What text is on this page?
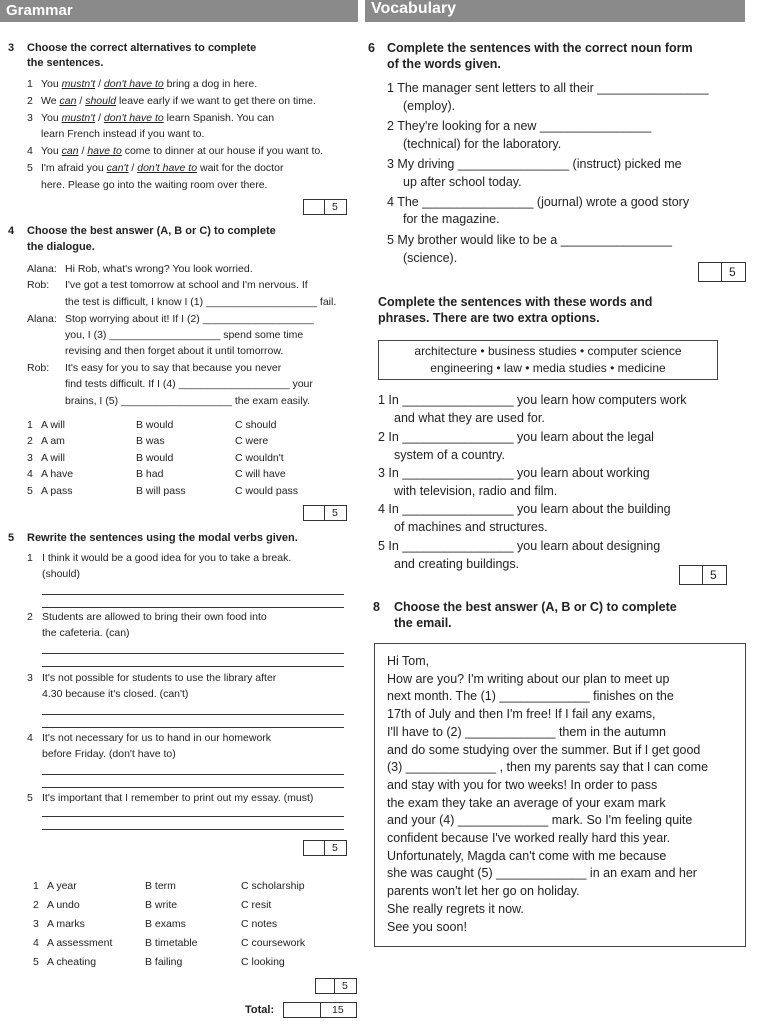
Grammar
3 Choose the correct alternatives to complete
the sentences.
1 You mustn't / don't have to bring a dog in here.
2 We can / should leave early if we want to get there on time.
3 You mustn't / don't have to learn Spanish. You can
learn French instead if you want to.
4 You can / have to come to dinner at our house if you want to.
5 I'm afraid you can't / don't have to wait for the doctor
here. Please go into the waiting room over there.
5
4 Choose the best answer (A, B or C) to complete
the dialogue.
Alana: Hi Rob, what's wrong? You look worried.
Rob: I've got a test tomorrow at school and I'm nervous. If
the test is difficult, I know I (1) ___________________ fail.
Alana: Stop worrying about it! If I (2) ___________________
you, I (3) ___________________ spend some time
revising and then forget about it until tomorrow.
Rob: It's easy for you to say that because you never
find tests difficult. If I (4) ___________________ your
brains, I (5) ___________________ the exam easily.
1 A will	B would	C should
2 A am	B was	C were
3 A will	B would	C wouldn't
4 A have	B had	C will have
5 A pass	B will pass	C would pass
5
5 Rewrite the sentences using the modal verbs given.
1 I think it would be a good idea for you to take a break.
(should)
2 Students are allowed to bring their own food into
the cafeteria. (can)
3 It's not possible for students to use the library after
4.30 because it's closed. (can't)
4 It's not necessary for us to hand in our homework
before Friday. (don't have to)
5 It's important that I remember to print out my essay. (must)
5
1 A year	B term	C scholarship
2 A undo	B write	C resit
3 A marks	B exams	C notes
4 A assessment	B timetable	C coursework
5 A cheating	B failing	C looking
5
Total:	15
Vocabulary
6 Complete the sentences with the correct noun form
of the words given.
1 The manager sent letters to all their ________________
(employ).
2 They're looking for a new ________________
(technical) for the laboratory.
3 My driving ________________ (instruct) picked me
up after school today.
4 The ________________ (journal) wrote a good story
for the magazine.
5 My brother would like to be a ________________
(science).
5
Complete the sentences with these words and
phrases. There are two extra options.
architecture • business studies • computer science
engineering • law • media studies • medicine
1 In ________________ you learn how computers work
and what they are used for.
2 In ________________ you learn about the legal
system of a country.
3 In ________________ you learn about working
with television, radio and film.
4 In ________________ you learn about the building
of machines and structures.
5 In ________________ you learn about designing
and creating buildings.
5
8 Choose the best answer (A, B or C) to complete
the email.
Hi Tom,
How are you? I'm writing about our plan to meet up
next month. The (1) _____________ finishes on the
17th of July and then I'm free! If I fail any exams,
I'll have to (2) _____________ them in the autumn
and do some studying over the summer. But if I get good
(3) _____________ , then my parents say that I can come
and stay with you for two weeks! In order to pass
the exam they take an average of your exam mark
and your (4) _____________ mark. So I'm feeling quite
confident because I've worked really hard this year.
Unfortunately, Magda can't come with me because
she was caught (5) _____________ in an exam and her
parents won't let her go on holiday.
She really regrets it now.
See you soon!
